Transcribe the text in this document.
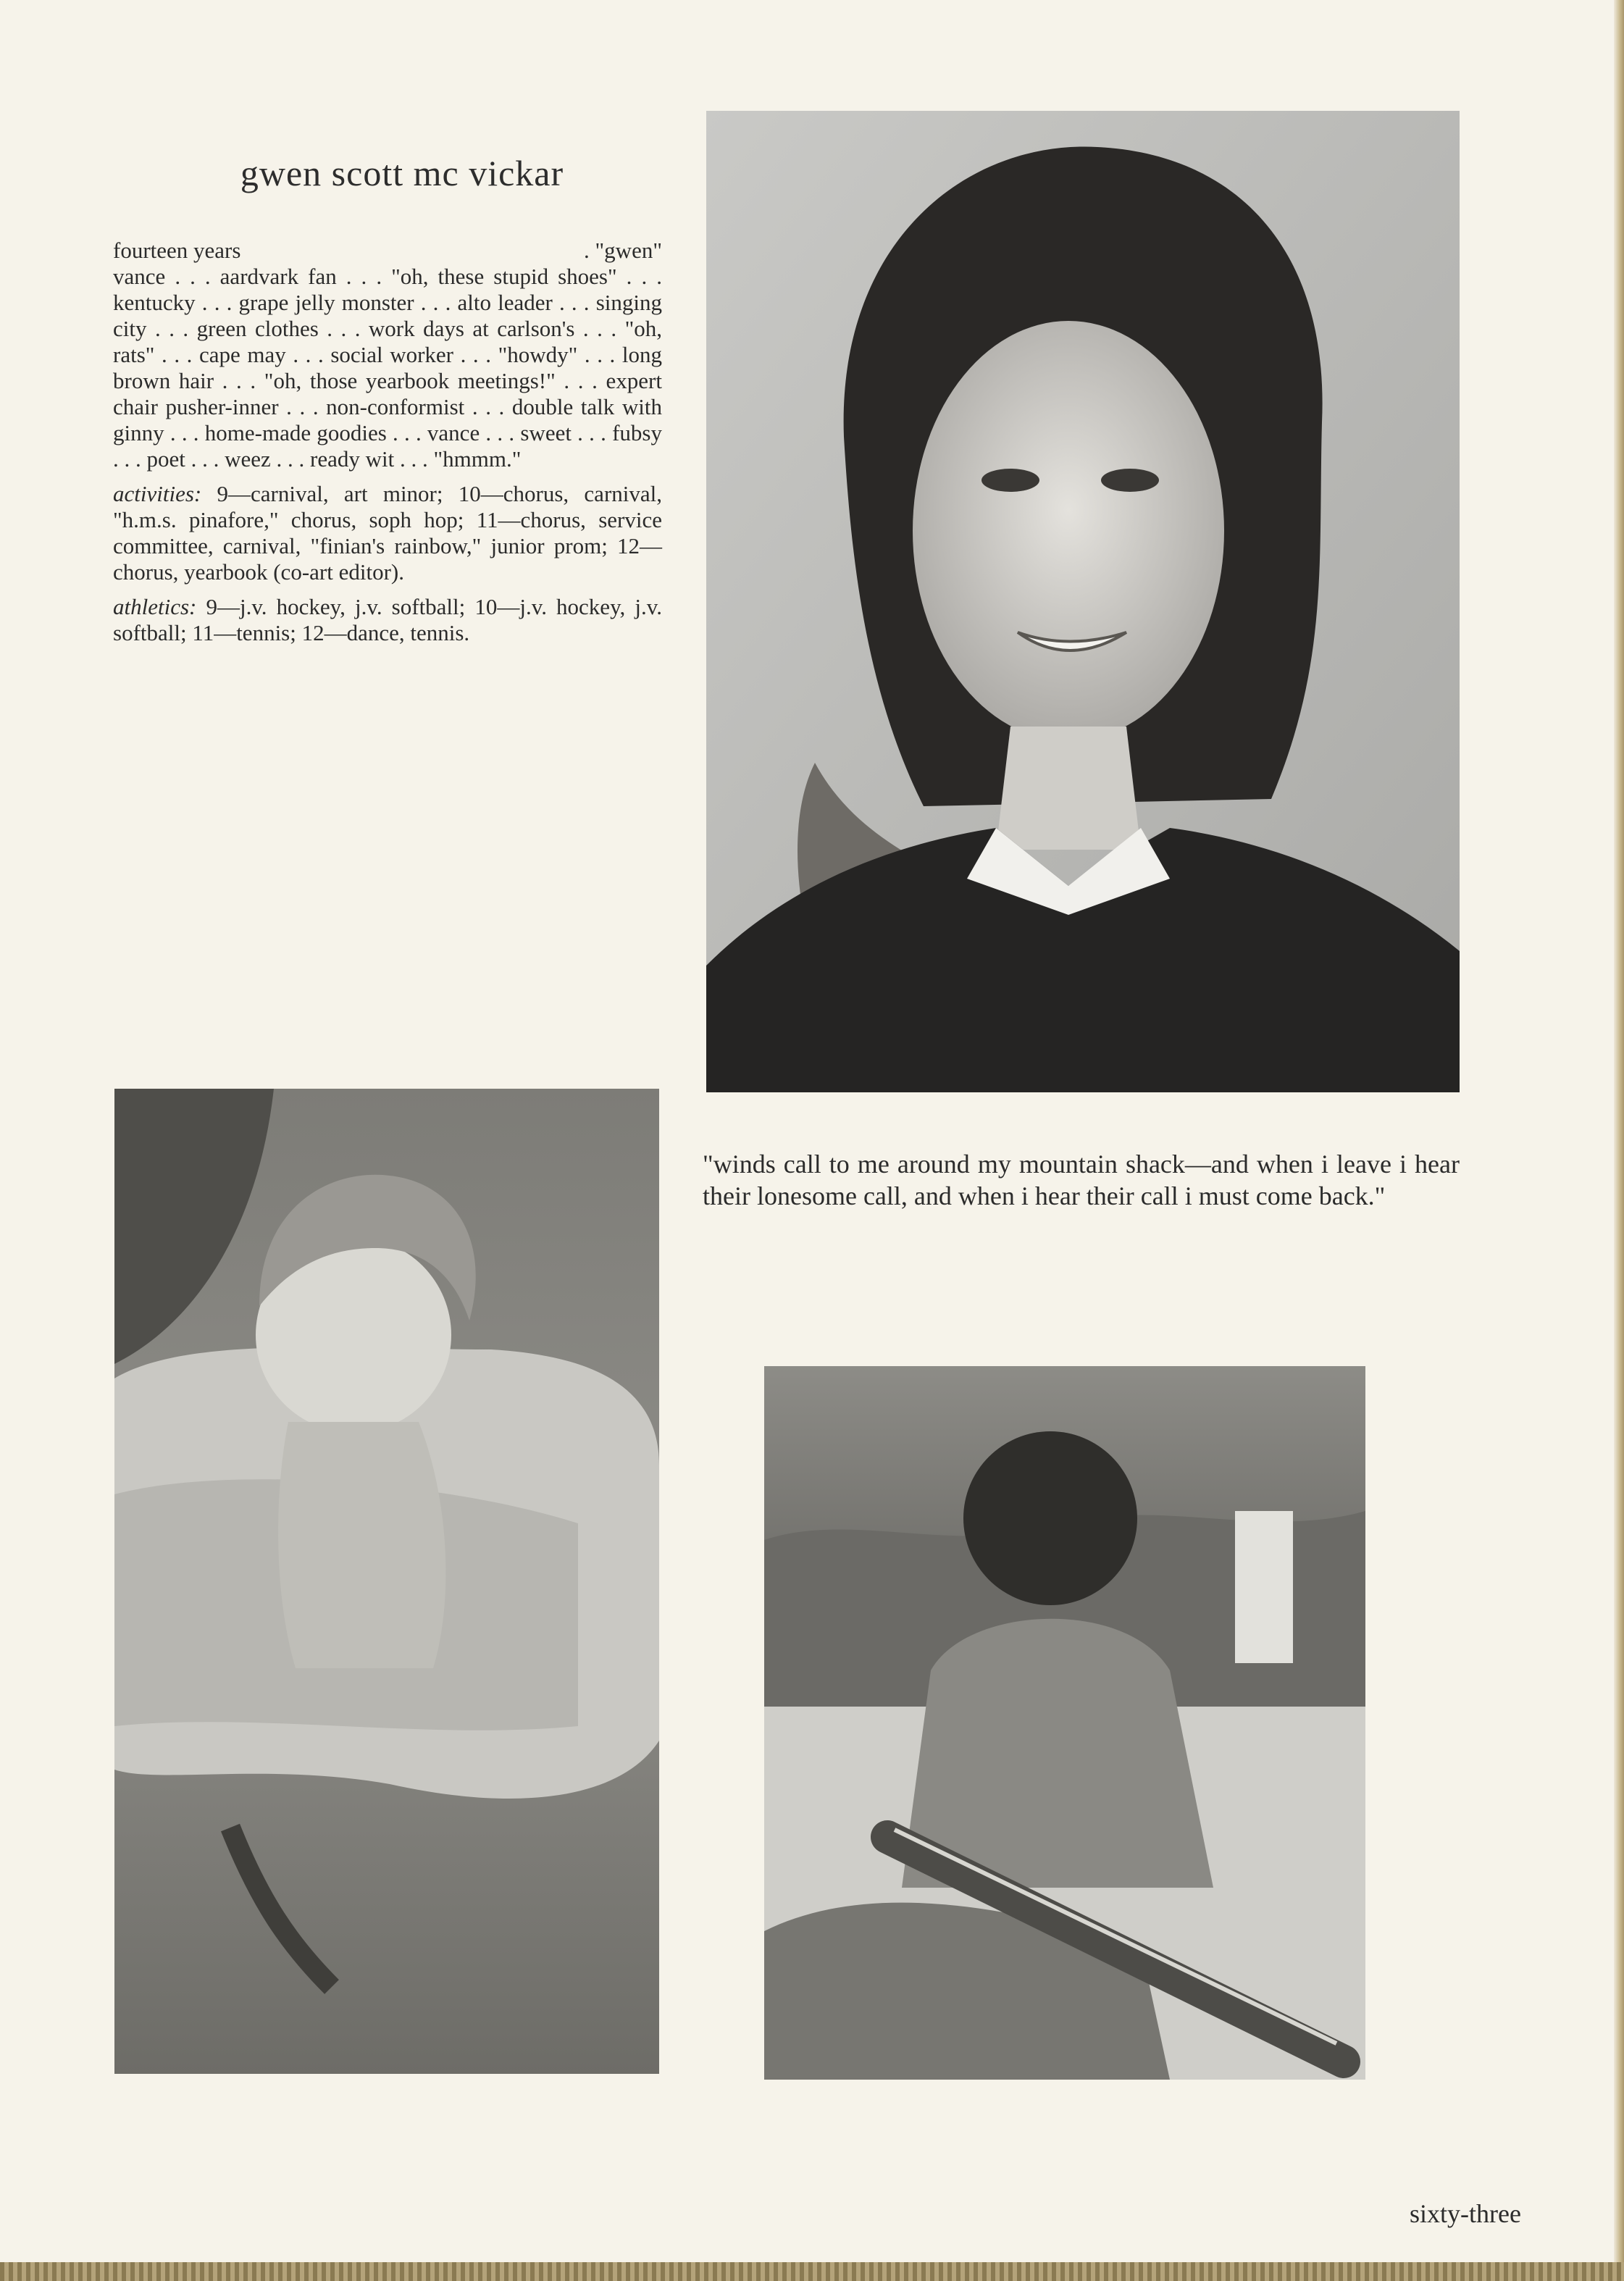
gwen scott mc vickar
fourteen years	. "gwen"

vance . . . aardvark fan . . . "oh, these stupid shoes" . . . kentucky . . . grape jelly monster . . . alto leader . . . singing city . . . green clothes . . . work days at carlson's . . . "oh, rats" . . . cape may . . . social worker . . . "howdy" . . . long brown hair . . . "oh, those yearbook meetings!" . . . expert chair pusher-inner . . . non-conformist . . . double talk with ginny . . . home-made goodies . . . vance . . . sweet . . . fubsy . . . poet . . . weez . . . ready wit . . . "hmmm."

activities: 9—carnival, art minor; 10—chorus, carnival, "h.m.s. pinafore," chorus, soph hop; 11—chorus, service committee, carnival, "finian's rainbow," junior prom; 12—chorus, yearbook (co-art editor).

athletics: 9—j.v. hockey, j.v. softball; 10—j.v. hockey, j.v. softball; 11—tennis; 12—dance, tennis.

"winds call to me around my mountain shack—and when i leave i hear their lonesome call, and when i hear their call i must come back."
sixty-three
